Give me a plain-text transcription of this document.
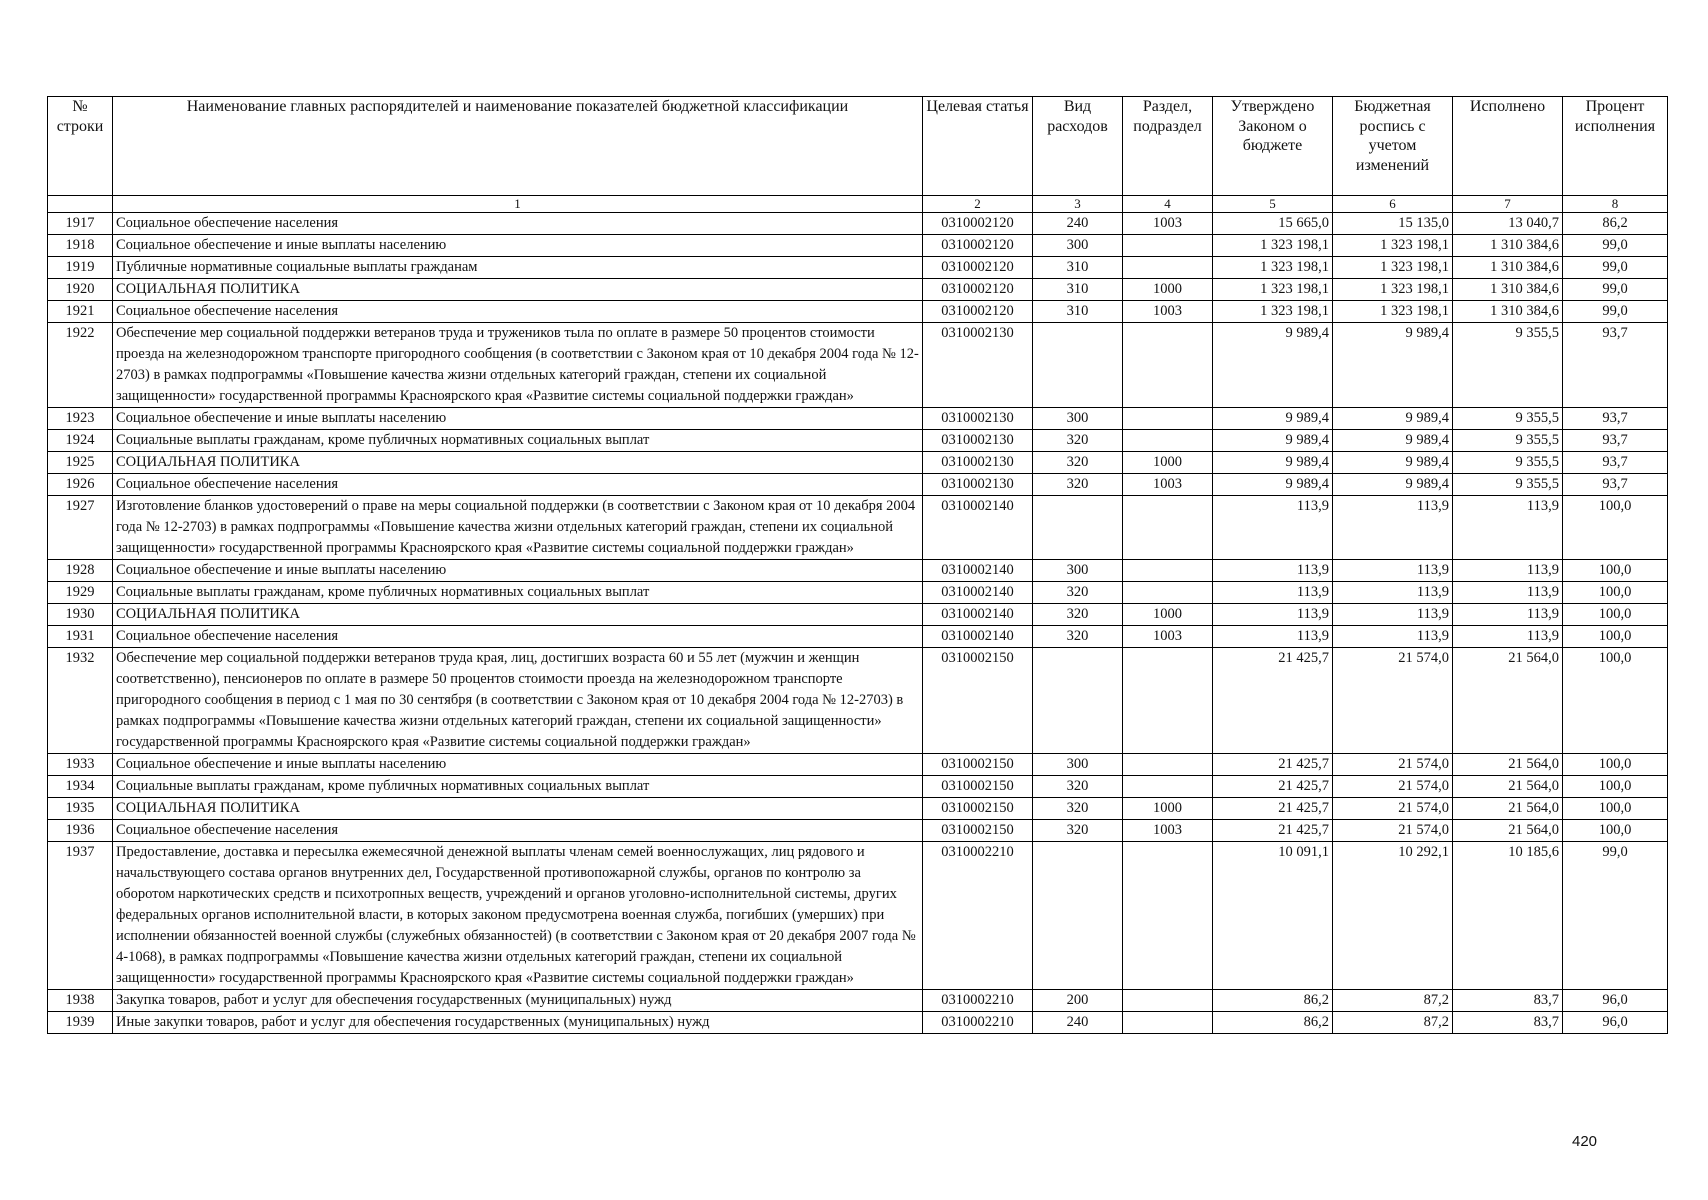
№ строки	Наименование главных распорядителей и наименование показателей бюджетной классификации	Целевая статья	Вид расходов	Раздел, подраздел	Утверждено Законом о бюджете	Бюджетная роспись с учетом изменений	Исполнено	Процент исполнения
	1	2	3	4	5	6	7	8
1917	Социальное обеспечение населения	0310002120	240	1003	15 665,0	15 135,0	13 040,7	86,2
1918	Социальное обеспечение и иные выплаты населению	0310002120	300		1 323 198,1	1 323 198,1	1 310 384,6	99,0
1919	Публичные нормативные социальные выплаты гражданам	0310002120	310		1 323 198,1	1 323 198,1	1 310 384,6	99,0
1920	СОЦИАЛЬНАЯ ПОЛИТИКА	0310002120	310	1000	1 323 198,1	1 323 198,1	1 310 384,6	99,0
1921	Социальное обеспечение населения	0310002120	310	1003	1 323 198,1	1 323 198,1	1 310 384,6	99,0
1922	Обеспечение мер социальной поддержки ветеранов труда и тружеников тыла по оплате в размере 50 процентов стоимости проезда на железнодорожном транспорте пригородного сообщения (в соответствии с Законом края от 10 декабря 2004 года № 12-2703) в рамках подпрограммы «Повышение качества жизни отдельных категорий граждан, степени их социальной защищенности» государственной программы Красноярского края «Развитие системы социальной поддержки граждан»	0310002130			9 989,4	9 989,4	9 355,5	93,7
1923	Социальное обеспечение и иные выплаты населению	0310002130	300		9 989,4	9 989,4	9 355,5	93,7
1924	Социальные выплаты гражданам, кроме публичных нормативных социальных выплат	0310002130	320		9 989,4	9 989,4	9 355,5	93,7
1925	СОЦИАЛЬНАЯ ПОЛИТИКА	0310002130	320	1000	9 989,4	9 989,4	9 355,5	93,7
1926	Социальное обеспечение населения	0310002130	320	1003	9 989,4	9 989,4	9 355,5	93,7
1927	Изготовление бланков удостоверений о праве на меры социальной поддержки (в соответствии с Законом края от 10 декабря 2004 года № 12-2703) в рамках подпрограммы «Повышение качества жизни отдельных категорий граждан, степени их социальной защищенности» государственной программы Красноярского края «Развитие системы социальной поддержки граждан»	0310002140			113,9	113,9	113,9	100,0
1928	Социальное обеспечение и иные выплаты населению	0310002140	300		113,9	113,9	113,9	100,0
1929	Социальные выплаты гражданам, кроме публичных нормативных социальных выплат	0310002140	320		113,9	113,9	113,9	100,0
1930	СОЦИАЛЬНАЯ ПОЛИТИКА	0310002140	320	1000	113,9	113,9	113,9	100,0
1931	Социальное обеспечение населения	0310002140	320	1003	113,9	113,9	113,9	100,0
1932	Обеспечение мер социальной поддержки ветеранов труда края, лиц, достигших возраста 60 и 55 лет (мужчин и женщин соответственно), пенсионеров по оплате в размере 50 процентов стоимости проезда на железнодорожном транспорте пригородного сообщения в период с 1 мая по 30 сентября (в соответствии с Законом края от 10 декабря 2004 года № 12-2703) в рамках подпрограммы «Повышение качества жизни отдельных категорий граждан, степени их социальной защищенности» государственной программы Красноярского края «Развитие системы социальной поддержки граждан»	0310002150			21 425,7	21 574,0	21 564,0	100,0
1933	Социальное обеспечение и иные выплаты населению	0310002150	300		21 425,7	21 574,0	21 564,0	100,0
1934	Социальные выплаты гражданам, кроме публичных нормативных социальных выплат	0310002150	320		21 425,7	21 574,0	21 564,0	100,0
1935	СОЦИАЛЬНАЯ ПОЛИТИКА	0310002150	320	1000	21 425,7	21 574,0	21 564,0	100,0
1936	Социальное обеспечение населения	0310002150	320	1003	21 425,7	21 574,0	21 564,0	100,0
1937	Предоставление, доставка и пересылка ежемесячной денежной выплаты членам семей военнослужащих, лиц рядового и начальствующего состава органов внутренних дел, Государственной противопожарной службы, органов по контролю за оборотом наркотических средств и психотропных веществ, учреждений и органов уголовно-исполнительной системы, других федеральных органов исполнительной власти, в которых законом предусмотрена военная служба, погибших (умерших) при исполнении обязанностей военной службы (служебных обязанностей) (в соответствии с Законом края от 20 декабря 2007 года № 4-1068), в рамках подпрограммы «Повышение качества жизни отдельных категорий граждан, степени их социальной защищенности» государственной программы Красноярского края «Развитие системы социальной поддержки граждан»	0310002210			10 091,1	10 292,1	10 185,6	99,0
1938	Закупка товаров, работ и услуг для обеспечения государственных (муниципальных) нужд	0310002210	200		86,2	87,2	83,7	96,0
1939	Иные закупки товаров, работ и услуг для обеспечения государственных (муниципальных) нужд	0310002210	240		86,2	87,2	83,7	96,0
420
